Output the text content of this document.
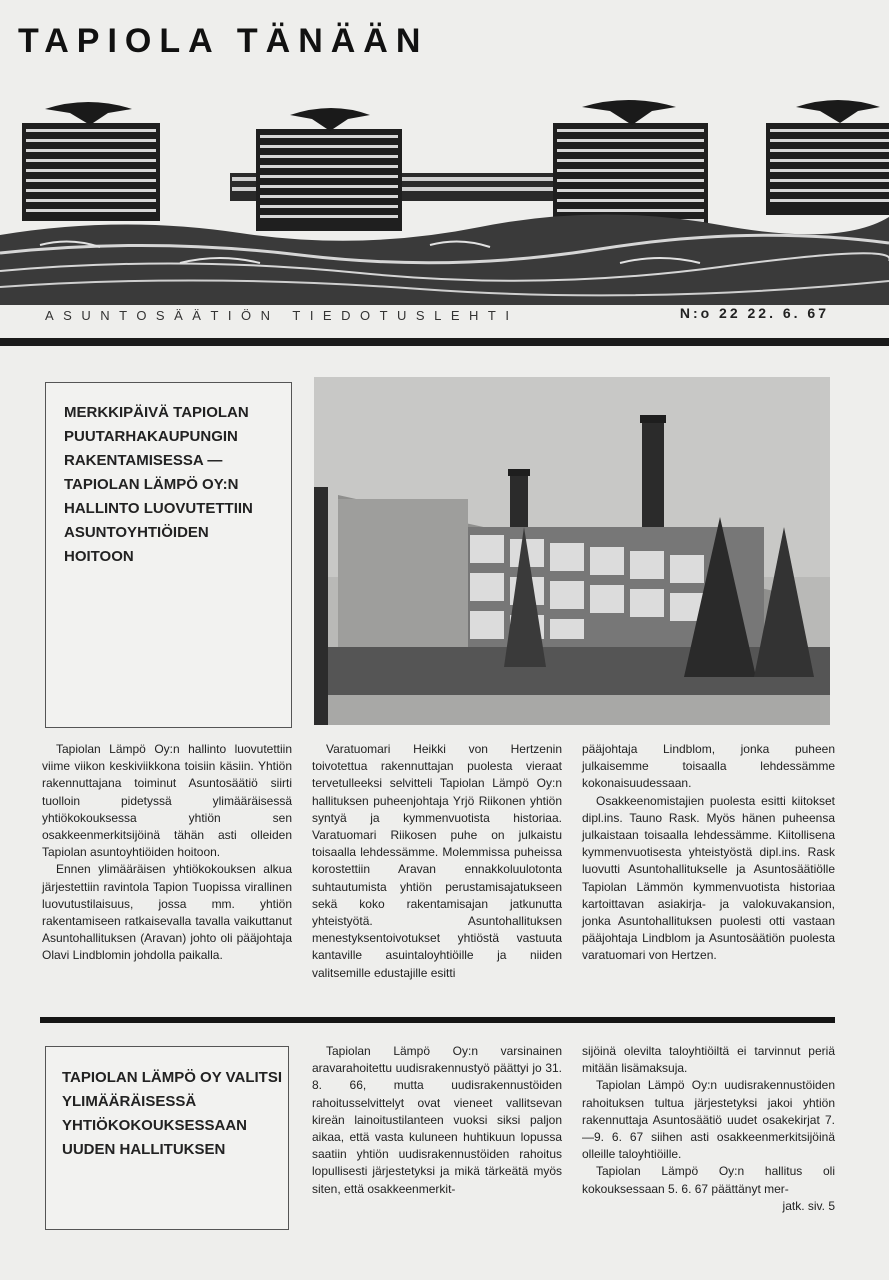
TAPIOLA TÄNÄÄN
ASUNTOSÄÄTIÖN TIEDOTUSLEHTI	N:o 22 22. 6. 67
MERKKIPÄIVÄ TAPIOLAN PUUTARHAKAUPUNGIN RAKENTAMISESSA — TAPIOLAN LÄMPÖ OY:N HALLINTO LUOVUTETTIIN ASUNTOYHTIÖIDEN HOITOON

Tapiolan Lämpö Oy:n hallinto luovutettiin viime viikon keskiviikkona toisiin käsiin. Yhtiön rakennuttajana toiminut Asuntosäätiö siirti tuolloin pidetyssä ylimääräisessä yhtiökokouksessa yhtiön sen osakkeenmerkitsijöinä tähän asti olleiden Tapiolan asuntoyhtiöiden hoitoon.

Ennen ylimääräisen yhtiökokouksen alkua järjestettiin ravintola Tapion Tuopissa virallinen luovutustilaisuus, jossa mm. yhtiön rakentamiseen ratkaisevalla tavalla vaikuttanut Asuntohallituksen (Aravan) johto oli pääjohtaja Olavi Lindblomin johdolla paikalla.

Varatuomari Heikki von Hertzenin toivotettua rakennuttajan puolesta vieraat tervetulleeksi selvitteli Tapiolan Lämpö Oy:n hallituksen puheenjohtaja Yrjö Riikonen yhtiön syntyä ja kymmenvuotista historiaa. Varatuomari Riikosen puhe on julkaistu toisaalla lehdessämme. Molemmissa puheissa korostettiin Aravan ennakkoluulotonta suhtautumista yhtiön perustamisajatukseen sekä koko rakentamisajan jatkunutta yhteistyötä. Asuntohallituksen menestyksentoivotukset yhtiöstä vastuuta kantaville asuintaloyhtiöille ja niiden valitsemille edustajille esitti

pääjohtaja Lindblom, jonka puheen julkaisemme toisaalla lehdessämme kokonaisuudessaan.

Osakkeenomistajien puolesta esitti kiitokset dipl.ins. Tauno Rask. Myös hänen puheensa julkaistaan toisaalla lehdessämme. Kiitollisena kymmenvuotisesta yhteistyöstä dipl.ins. Rask luovutti Asuntohallitukselle ja Asuntosäätiölle Tapiolan Lämmön kymmenvuotista historiaa kartoittavan asiakirja- ja valokuvakansion, jonka Asuntohallituksen puolesti otti vastaan pääjohtaja Lindblom ja Asuntosäätiön puolesta varatuomari von Hertzen.

TAPIOLAN LÄMPÖ OY VALITSI YLIMÄÄRÄISESSÄ YHTIÖKOKOUKSESSAAN UUDEN HALLITUKSEN

Tapiolan Lämpö Oy:n varsinainen aravarahoitettu uudisrakennustyö päättyi jo 31. 8. 66, mutta uudisrakennustöiden rahoitusselvittelyt ovat vieneet vallitsevan kireän lainoitustilanteen vuoksi siksi paljon aikaa, että vasta kuluneen huhtikuun lopussa saatiin yhtiön uudisrakennustöiden rahoitus lopullisesti järjestetyksi ja mikä tärkeätä myös siten, että osakkeenmerkit-

sijöinä olevilta taloyhtiöiltä ei tarvinnut periä mitään lisämaksuja.

Tapiolan Lämpö Oy:n uudisrakennustöiden rahoituksen tultua järjestetyksi jakoi yhtiön rakennuttaja Asuntosäätiö uudet osakekirjat 7.—9. 6. 67 siihen asti osakkeenmerkitsijöinä olleille taloyhtiöille.

Tapiolan Lämpö Oy:n hallitus oli kokouksessaan 5. 6. 67 päättänyt mer-

jatk. siv. 5
